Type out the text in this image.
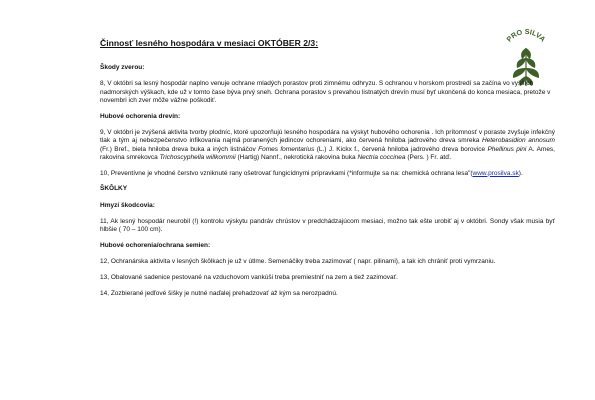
Činnosť lesného hospodára v mesiaci OKTÓBER 2/3:	PRO SILVA

Škody zverou:

8, V októbri sa lesný hospodár naplno venuje ochrane mladých porastov proti zimnému odhryzu. S ochranou v horskom prostredí sa začína vo vyšších nadmorských výškach, kde už v tomto čase býva prvý sneh. Ochrana porastov s prevahou listnatých drevín musí byť ukončená do konca mesiaca, pretože v novembri ich zver môže vážne poškodiť.

Hubové ochorenia drevín:

9, V októbri je zvýšená aktivita tvorby plodníc, ktoré upozorňujú lesného hospodára na výskyt hubového ochorenia . Ich prítomnosť v poraste zvyšuje infekčný tlak a tým aj nebezpečenstvo infikovania najmä poranených jedincov ochoreniami, ako červená hniloba jadrového dreva smreka Heterobasidion annosum (Fr.) Bref., biela hniloba dreva buka a iných listnáčov Fomes fomentarius (L.) J. Kickx f., červená hniloba jadrového dreva borovice Phellinus pini A. Ames, rakovina smrekovca Trichoscyphella willkommii (Hartig) Nannf., nekrotická rakovina buka Nectria coccinea (Pers. ) Fr. atď.

10, Preventívne je vhodné čerstvo vzniknuté rany ošetrovať fungicídnymi prípravkami (*informujte sa na: chemická ochrana lesa"(www.prosilva.sk).

ŠKÔLKY

Hmyzí škodcovia:

11, Ak lesný hospodár neurobil (!) kontrolu výskytu pandráv chrústov v predchádzajúcom mesiaci, možno tak ešte urobiť aj v októbri. Sondy však musia byť hlbšie ( 70 – 100 cm).

Hubové ochorenia/ochrana semien:

12, Ochranárska aktivita v lesných škôlkach je už v útlme. Semenáčiky treba zazimovať ( napr. pilinami), a tak ich chrániť proti vymrzaniu.

13, Obalované sadenice pestované na vzduchovom vankúši treba premiestniť na zem a tiež zazimovať.

14, Zozbierané jedľové šišky je nutné naďalej prehadzovať až kým sa nerozpadnú.
